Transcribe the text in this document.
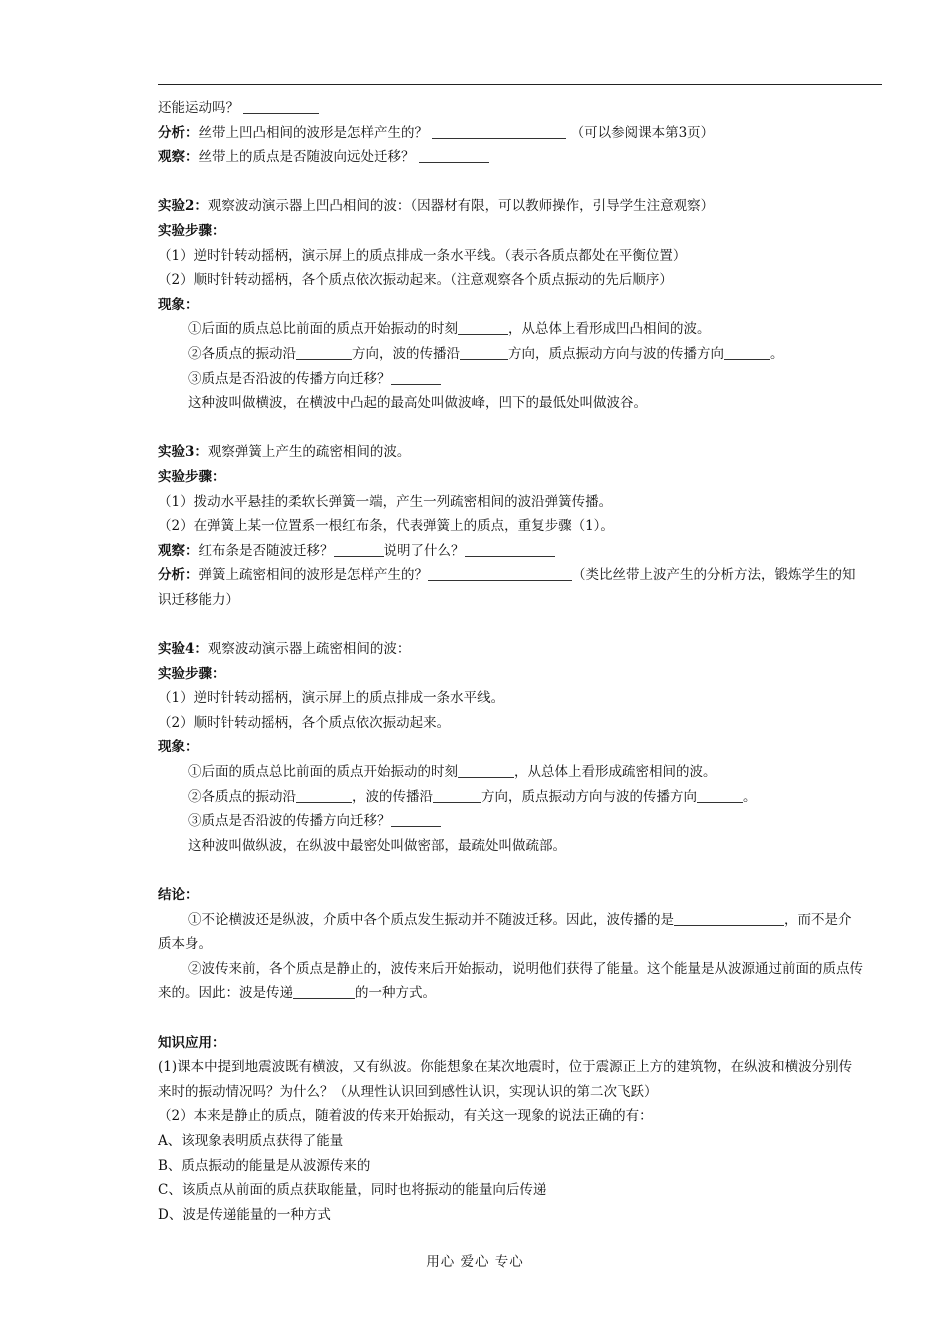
还能运动吗？

分析：丝带上凹凸相间的波形是怎样产生的？	（可以参阅课本第3页）

观察：丝带上的质点是否随波向远处迁移？

实验2：观察波动演示器上凹凸相间的波：（因器材有限，可以教师操作，引导学生注意观察）

实验步骤：

（1）逆时针转动摇柄，演示屏上的质点排成一条水平线。（表示各质点都处在平衡位置）

（2）顺时针转动摇柄，各个质点依次振动起来。（注意观察各个质点振动的先后顺序）

现象：

①后面的质点总比前面的质点开始振动的时刻	，从总体上看形成凹凸相间的波。

②各质点的振动沿	方向，波的传播沿	方向，质点振动方向与波的传播方向	。

③质点是否沿波的传播方向迁移？

这种波叫做横波，在横波中凸起的最高处叫做波峰，凹下的最低处叫做波谷。

实验3：观察弹簧上产生的疏密相间的波。

实验步骤：

（1）拨动水平悬挂的柔软长弹簧一端，产生一列疏密相间的波沿弹簧传播。

（2）在弹簧上某一位置系一根红布条，代表弹簧上的质点，重复步骤（1）。

观察：红布条是否随波迁移？	说明了什么？

分析：弹簧上疏密相间的波形是怎样产生的？	（类比丝带上波产生的分析方法，锻炼学生的知

识迁移能力）

实验4：观察波动演示器上疏密相间的波：

实验步骤：

（1）逆时针转动摇柄，演示屏上的质点排成一条水平线。

（2）顺时针转动摇柄，各个质点依次振动起来。

现象：

①后面的质点总比前面的质点开始振动的时刻	，从总体上看形成疏密相间的波。

②各质点的振动沿	，波的传播沿	方向，质点振动方向与波的传播方向	。

③质点是否沿波的传播方向迁移？

这种波叫做纵波，在纵波中最密处叫做密部，最疏处叫做疏部。

结论：

①不论横波还是纵波，介质中各个质点发生振动并不随波迁移。因此，波传播的是	，而不是介

质本身。

②波传来前，各个质点是静止的，波传来后开始振动，说明他们获得了能量。这个能量是从波源通过前面的质点传

来的。因此：波是传递	的一种方式。

知识应用：

(1)课本中提到地震波既有横波，又有纵波。你能想象在某次地震时，位于震源正上方的建筑物，在纵波和横波分别传

来时的振动情况吗？为什么？（从理性认识回到感性认识，实现认识的第二次飞跃）

（2）本来是静止的质点，随着波的传来开始振动，有关这一现象的说法正确的有：

A、该现象表明质点获得了能量

B、质点振动的能量是从波源传来的

C、该质点从前面的质点获取能量，同时也将振动的能量向后传递

D、波是传递能量的一种方式

用心 爱心 专心
